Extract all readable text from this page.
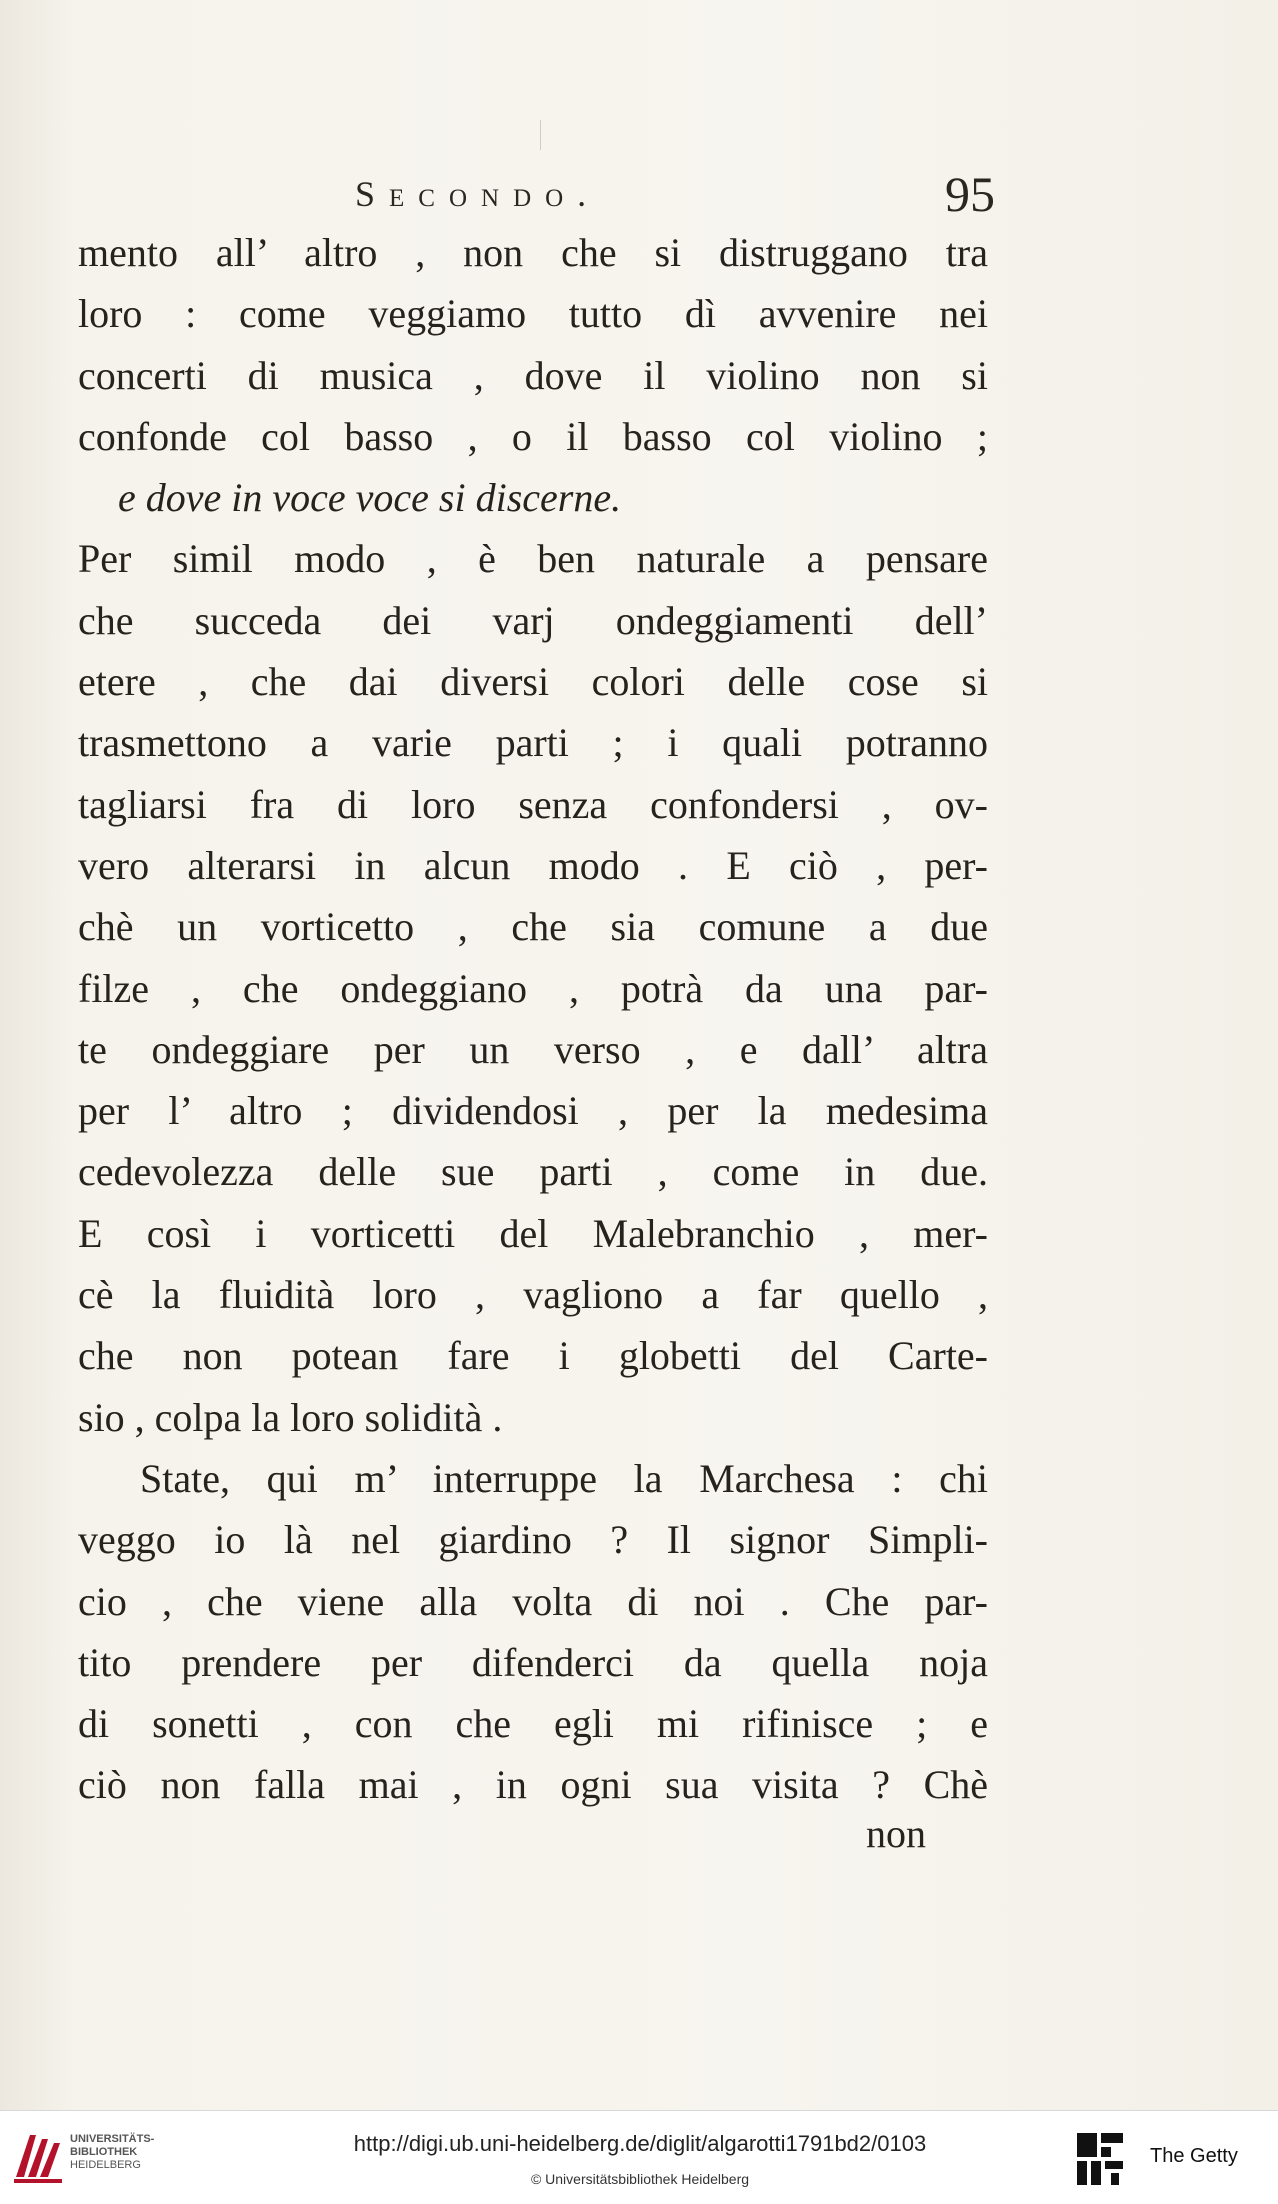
Secondo.	95
mento all’ altro , non che si distruggano tra
loro : come veggiamo tutto dì avvenire nei
concerti di musica , dove il violino non si
confonde col basso , o il basso col violino ;
e dove in voce voce si discerne.
Per simil modo , è ben naturale a pensare
che succeda dei varj ondeggiamenti dell’
etere , che dai diversi colori delle cose si
trasmettono a varie parti ; i quali potranno
tagliarsi fra di loro senza confondersi , ov-
vero alterarsi in alcun modo . E ciò , per-
chè un vorticetto , che sia comune a due
filze , che ondeggiano , potrà da una par-
te ondeggiare per un verso , e dall’ altra
per l’ altro ; dividendosi , per la medesima
cedevolezza delle sue parti , come in due.
E così i vorticetti del Malebranchio , mer-
cè la fluidità loro , vagliono a far quello ,
che non potean fare i globetti del Carte-
sio , colpa la loro solidità .
State, qui m’ interruppe la Marchesa : chi
veggo io là nel giardino ? Il signor Simpli-
cio , che viene alla volta di noi . Che par-
tito prendere per difenderci da quella noja
di sonetti , con che egli mi rifinisce ; e
ciò non falla mai , in ogni sua visita ? Chè
non
UNIVERSITÄTS-
BIBLIOTHEK
HEIDELBERG
http://digi.ub.uni-heidelberg.de/diglit/algarotti1791bd2/0103
© Universitätsbibliothek Heidelberg
The Getty
